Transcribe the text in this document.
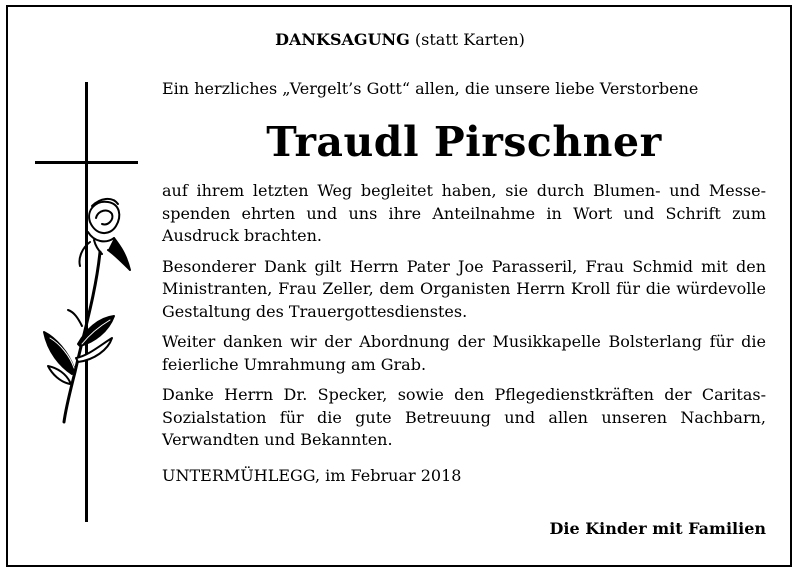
DANKSAGUNG (statt Karten)
Ein herzliches „Vergelt’s Gott“ allen, die unsere liebe Verstorbene
Traudl Pirschner

auf ihrem letzten Weg begleitet haben, sie durch Blumen- und Messespenden ehrten und uns ihre Anteilnahme in Wort und Schrift zum Ausdruck brachten.

Besonderer Dank gilt Herrn Pater Joe Parasseril, Frau Schmid mit den Ministranten, Frau Zeller, dem Organisten Herrn Kroll für die würdevolle Gestaltung des Trauergottesdienstes.

Weiter danken wir der Abordnung der Musikkapelle Bolsterlang für die feierliche Umrahmung am Grab.

Danke Herrn Dr. Specker, sowie den Pflegedienstkräften der Caritas-Sozialstation für die gute Betreuung und allen unseren Nachbarn, Verwandten und Bekannten.

UNTERMÜHLEGG, im Februar 2018
Die Kinder mit Familien
